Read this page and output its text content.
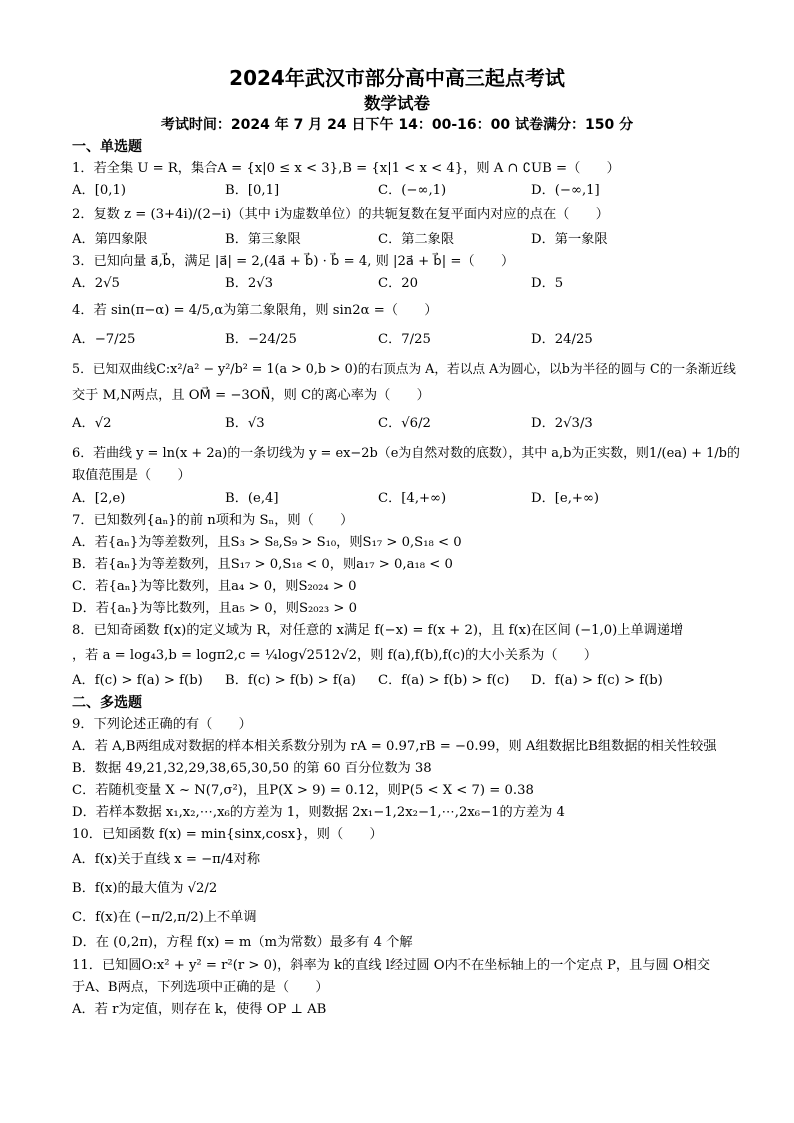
2024年武汉市部分高中高三起点考试
数学试卷
考试时间：2024 年 7 月 24 日下午 14：00-16：00 试卷满分：150 分
一、单选题
1．若全集 U = R，集合A = {x|0 ≤ x < 3},B = {x|1 < x < 4}，则 A ∩ ∁UB =（　　）
A．[0,1)	B．[0,1]	C．(−∞,1)	D．(−∞,1]
2．复数 z = (3+4i)/(2−i)（其中 i为虚数单位）的共轭复数在复平面内对应的点在（　　）
A．第四象限	B．第三象限	C．第二象限	D．第一象限
3．已知向量 a⃗,b⃗，满足 |a⃗| = 2,(4a⃗ + b⃗) · b⃗ = 4, 则 |2a⃗ + b⃗| =（　　）
A．2√5	B．2√3	C．20	D．5
4．若 sin(π−α) = 4/5,α为第二象限角，则 sin2α =（　　）
A．−7/25	B．−24/25	C．7/25	D．24/25
5．已知双曲线C:x²/a² − y²/b² = 1(a > 0,b > 0)的右顶点为 A，若以点 A为圆心，以b为半径的圆与 C的一条渐近线
交于 M,N两点，且 OM⃗ = −3ON⃗，则 C的离心率为（　　）
A．√2	B．√3	C．√6/2	D．2√3/3
6．若曲线 y = ln(x + 2a)的一条切线为 y = ex−2b（e为自然对数的底数），其中 a,b为正实数，则1/(ea) + 1/b的
取值范围是（　　）
A．[2,e)	B．(e,4]	C．[4,+∞)	D．[e,+∞)
7．已知数列{aₙ}的前 n项和为 Sₙ，则（　　）
A．若{aₙ}为等差数列，且S₃ > S₈,S₉ > S₁₀，则S₁₇ > 0,S₁₈ < 0
B．若{aₙ}为等差数列，且S₁₇ > 0,S₁₈ < 0，则a₁₇ > 0,a₁₈ < 0
C．若{aₙ}为等比数列，且a₄ > 0，则S₂₀₂₄ > 0
D．若{aₙ}为等比数列，且a₅ > 0，则S₂₀₂₃ > 0
8．已知奇函数 f(x)的定义域为 R，对任意的 x满足 f(−x) = f(x + 2)，且 f(x)在区间 (−1,0)上单调递增
，若 a = log₄3,b = logπ2,c = ¼log√2512√2，则 f(a),f(b),f(c)的大小关系为（　　）
A．f(c) > f(a) > f(b)	B．f(c) > f(b) > f(a)	C．f(a) > f(b) > f(c)	D．f(a) > f(c) > f(b)
二、多选题
9．下列论述正确的有（　　）
A．若 A,B两组成对数据的样本相关系数分别为 rA = 0.97,rB = −0.99，则 A组数据比B组数据的相关性较强
B．数据 49,21,32,29,38,65,30,50 的第 60 百分位数为 38
C．若随机变量 X ~ N(7,σ²)，且P(X > 9) = 0.12，则P(5 < X < 7) = 0.38
D．若样本数据 x₁,x₂,⋯,x₆的方差为 1，则数据 2x₁−1,2x₂−1,⋯,2x₆−1的方差为 4
10．已知函数 f(x) = min{sinx,cosx}，则（　　）
A．f(x)关于直线 x = −π/4对称
B．f(x)的最大值为 √2/2
C．f(x)在 (−π/2,π/2)上不单调
D．在 (0,2π)，方程 f(x) = m（m为常数）最多有 4 个解
11．已知圆O:x² + y² = r²(r > 0)，斜率为 k的直线 l经过圆 O内不在坐标轴上的一个定点 P，且与圆 O相交
于A、B两点，下列选项中正确的是（　　）
A．若 r为定值，则存在 k，使得 OP ⊥ AB
